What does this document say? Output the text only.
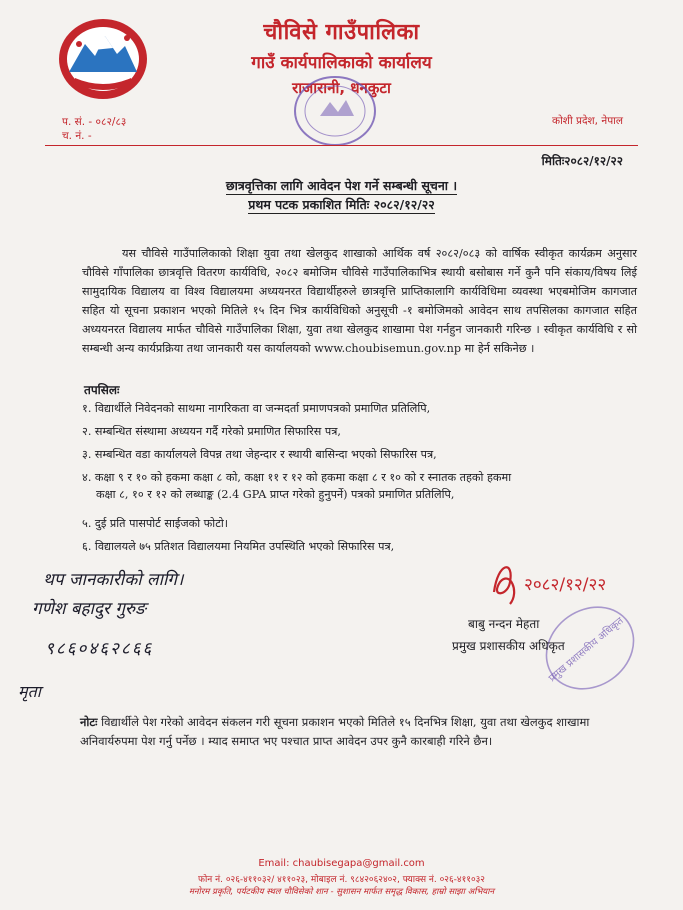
चौविसे गाउँपालिका
गाउँ कार्यपालिकाको कार्यालय
राजारानी, धनकुटा
प. सं. - ०८२/८३
च. नं. -
कोशी प्रदेश, नेपाल
मितिः२०८२/१२/२२
छात्रवृत्तिका लागि आवेदन पेश गर्ने सम्बन्धी सूचना ।
प्रथम पटक प्रकाशित मितिः २०८२/१२/२२

यस चौविसे गाउँपालिकाको शिक्षा युवा तथा खेलकुद शाखाको आर्थिक वर्ष २०८२/०८३ को वार्षिक स्वीकृत कार्यक्रम अनुसार चौविसे गाँपालिका छात्रवृत्ति वितरण कार्यविधि, २०८२ बमोजिम चौविसे गाउँपालिकाभित्र स्थायी बसोबास गर्ने कुनै पनि संकाय/विषय लिई सामुदायिक विद्यालय वा विश्व विद्यालयमा अध्ययनरत विद्यार्थीहरुले छात्रवृत्ति प्राप्तिकालागि कार्यविधिमा व्यवस्था भएबमोजिम कागजात सहित यो सूचना प्रकाशन भएको मितिले १५ दिन भित्र कार्यविधिको अनुसूची -१ बमोजिमको आवेदन साथ तपसिलका कागजात सहित अध्ययनरत विद्यालय मार्फत चौविसे गाउँपालिका शिक्षा, युवा तथा खेलकुद शाखामा पेश गर्नहुन जानकारी गरिन्छ । स्वीकृत कार्यविधि र सो सम्बन्धी अन्य कार्यप्रक्रिया तथा जानकारी यस कार्यालयको www.choubisemun.gov.np मा हेर्न सकिनेछ ।

तपसिलः
१. विद्यार्थीले निवेदनको साथमा नागरिकता वा जन्मदर्ता प्रमाणपत्रको प्रमाणित प्रतिलिपि,
२. सम्बन्धित संस्थामा अध्ययन गर्दै गरेको प्रमाणित सिफारिस पत्र,
३. सम्बन्धित वडा कार्यालयले विपन्न तथा जेहन्दार र स्थायी बासिन्दा भएको सिफारिस पत्र,
४. कक्षा ९ र १० को हकमा कक्षा ८ को, कक्षा ११ र १२ को हकमा कक्षा ८ र १० को र स्नातक तहको हकमा
कक्षा ८, १० र १२ को लब्धाङ्क (2.4 GPA प्राप्त गरेको हुनुपर्ने) पत्रको प्रमाणित प्रतिलिपि,
५. दुई प्रति पासपोर्ट साईजको फोटो।
६. विद्यालयले ७५ प्रतिशत विद्यालयमा नियमित उपस्थिति भएको सिफारिस पत्र,
थप जानकारीको लागि।
गणेश बहादुर गुरुङ
९८६०४६२८६६
मृता
२०८२/१२/२२
प्रमुख प्रशासकीय अधिकृत
बाबु नन्दन मेहता
प्रमुख प्रशासकीय अधिकृत
नोटः विद्यार्थीले पेश गरेको आवेदन संकलन गरी सूचना प्रकाशन भएको मितिले १५ दिनभित्र शिक्षा, युवा तथा खेलकुद शाखामा अनिवार्यरुपमा पेश गर्नु पर्नेछ । म्याद समाप्त भए पश्चात प्राप्त आवेदन उपर कुनै कारबाही गरिने छैन।
Email: chaubisegapa@gmail.com
फोन नं. ०२६-४११०३२/ ४११०२३, मोबाइल नं. ९८४२०६२४०२, फ्याक्स नं. ०२६-४११०३२
मनोरम प्रकृति, पर्यटकीय स्थल चौविसेको शान - सुशासन मार्फत समृद्ध विकास, हाम्रो साझा अभियान
